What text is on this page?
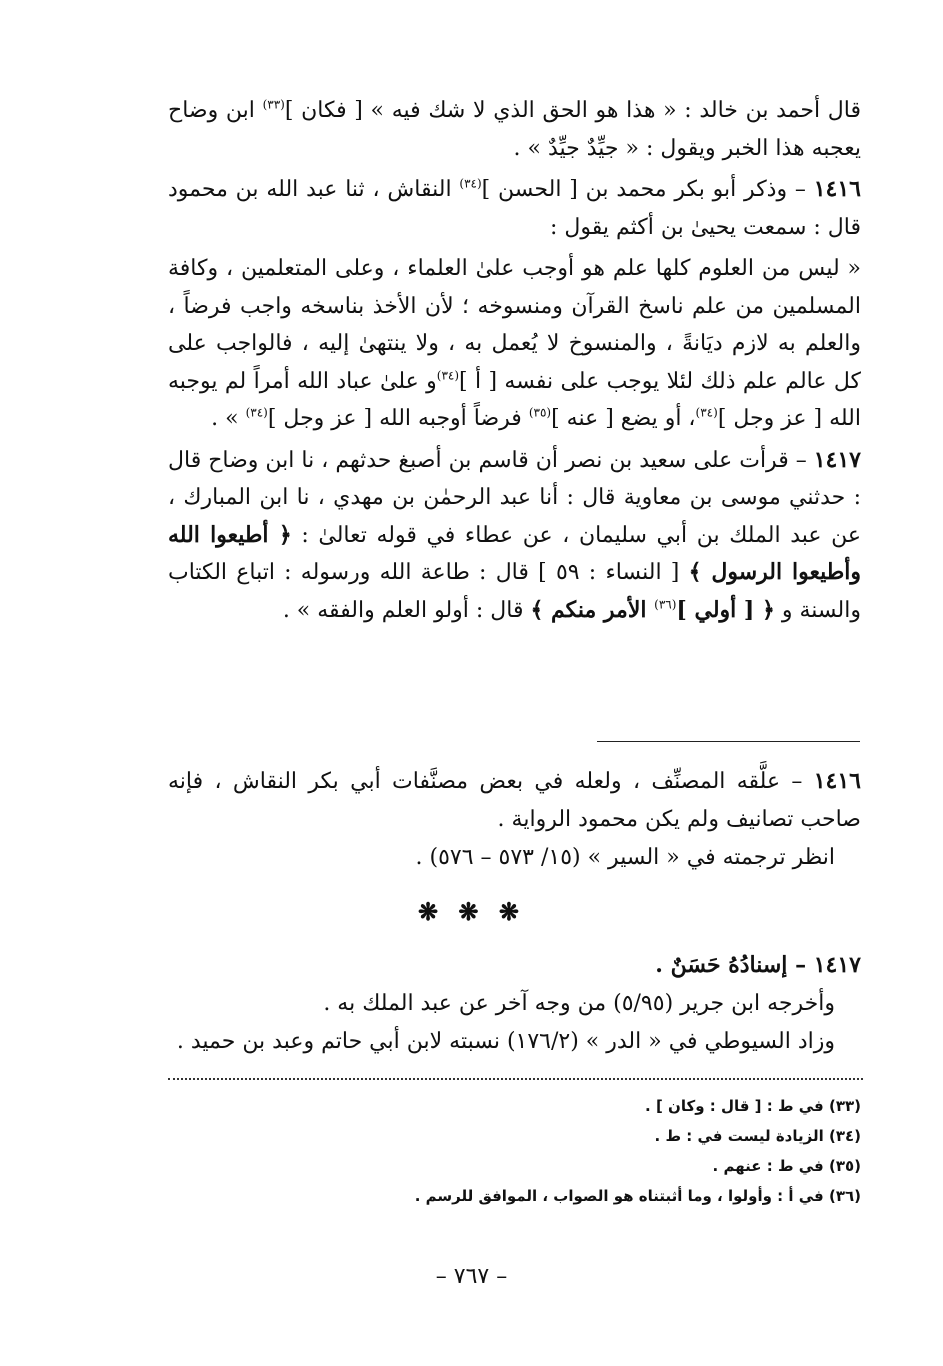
قال أحمد بن خالد : « هذا هو الحق الذي لا شك فيه » [ فكان ]$^{(٣٣)}$ ابن وضاح يعجبه هذا الخبر ويقول : « جيِّدٌ جيِّدٌ » .

١٤١٦ – وذكر أبو بكر محمد بن [ الحسن ]$^{(٣٤)}$ النقاش ، ثنا عبد الله بن محمود قال : سمعت يحيىٰ بن أكثم يقول :

« ليس من العلوم كلها علم هو أوجب علىٰ العلماء ، وعلى المتعلمين ، وكافة المسلمين من علم ناسخ القرآن ومنسوخه ؛ لأن الأخذ بناسخه واجب فرضاً ، والعلم به لازم ديَانةً ، والمنسوخ لا يُعمل به ، ولا ينتهىٰ إليه ، فالواجب على كل عالم علم ذلك لئلا يوجب على نفسه [ أ ]$^{(٣٤)}$و علىٰ عباد الله أمراً لم يوجبه الله [ عز وجل ]$^{(٣٤)}$، أو يضع [ عنه ]$^{(٣٥)}$ فرضاً أوجبه الله [ عز وجل ]$^{(٣٤)}$ » .

١٤١٧ – قرأت على سعيد بن نصر أن قاسم بن أصبغ حدثهم ، نا ابن وضاح قال : حدثني موسى بن معاوية قال : أنا عبد الرحمٰن بن مهدي ، نا ابن المبارك ، عن عبد الملك بن أبي سليمان ، عن عطاء في قوله تعالىٰ : ﴿ أطيعوا الله وأطيعوا الرسول ﴾ [ النساء : ٥٩ ] قال : طاعة الله ورسوله : اتباع الكتاب والسنة و ﴿ [ أولي ]$^{(٣٦)}$ الأمر منكم ﴾ قال : أولو العلم والفقه » .

١٤١٦ – علَّقه المصنِّف ، ولعله في بعض مصنَّفات أبي بكر النقاش ، فإنه صاحب تصانيف ولم يكن محمود الرواية .

انظر ترجمته في « السير » (١٥/ ٥٧٣ – ٥٧٦) .

❋ ❋ ❋

١٤١٧ – إسنادُهُ حَسَنٌ .

وأخرجه ابن جرير (٥/٩٥) من وجه آخر عن عبد الملك به .

وزاد السيوطي في « الدر » (١٧٦/٢) نسبته لابن أبي حاتم وعبد بن حميد .

(٣٣) في ط : [ قال : وكان ] .

(٣٤) الزيادة ليست في : ط .

(٣٥) في ط : عنهم .

(٣٦) في أ : وأولوا ، وما أثبتناه هو الصواب ، الموافق للرسم .

– ٧٦٧ –
